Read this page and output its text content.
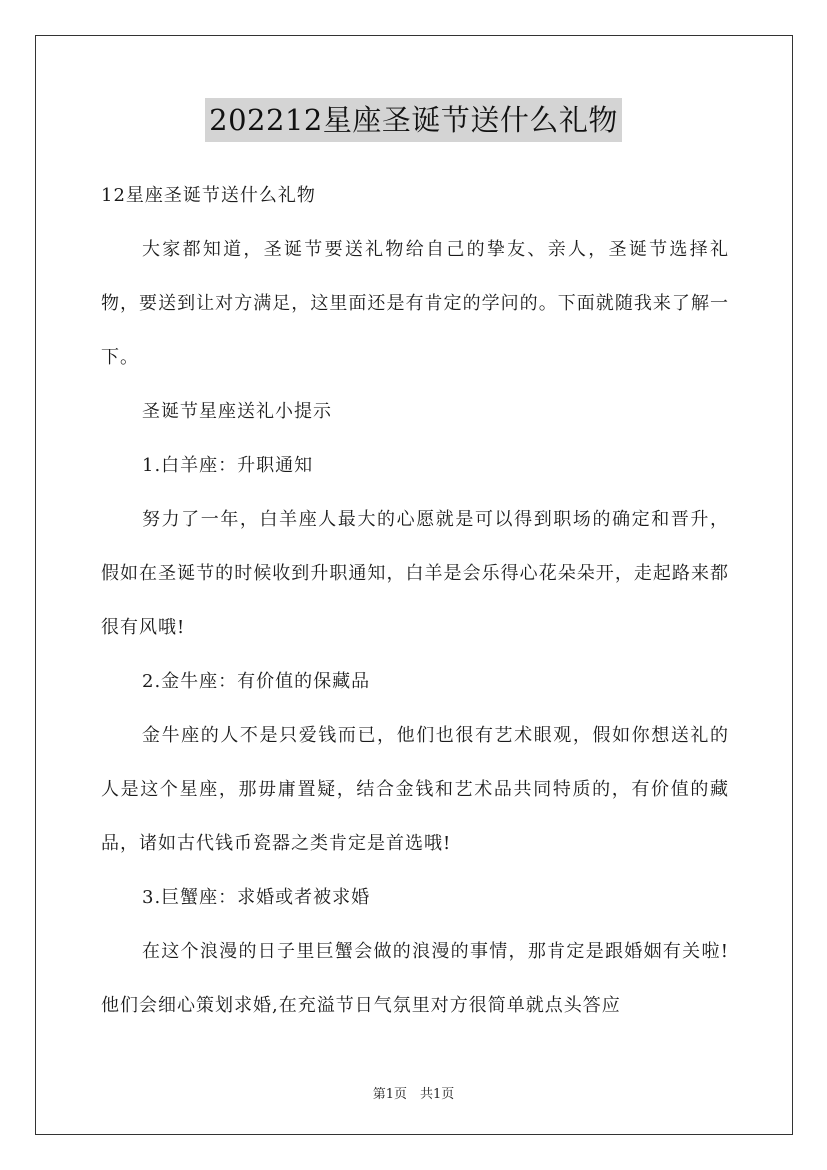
202212星座圣诞节送什么礼物

12星座圣诞节送什么礼物

大家都知道，圣诞节要送礼物给自己的挚友、亲人，圣诞节选择礼物，要送到让对方满足，这里面还是有肯定的学问的。下面就随我来了解一下。

圣诞节星座送礼小提示

1.白羊座：升职通知

努力了一年，白羊座人最大的心愿就是可以得到职场的确定和晋升，假如在圣诞节的时候收到升职通知，白羊是会乐得心花朵朵开，走起路来都很有风哦!

2.金牛座：有价值的保藏品

金牛座的人不是只爱钱而已，他们也很有艺术眼观，假如你想送礼的人是这个星座，那毋庸置疑，结合金钱和艺术品共同特质的，有价值的藏品，诸如古代钱币瓷器之类肯定是首选哦!

3.巨蟹座：求婚或者被求婚

在这个浪漫的日子里巨蟹会做的浪漫的事情，那肯定是跟婚姻有关啦!他们会细心策划求婚,在充溢节日气氛里对方很简单就点头答应

第1页　共1页
